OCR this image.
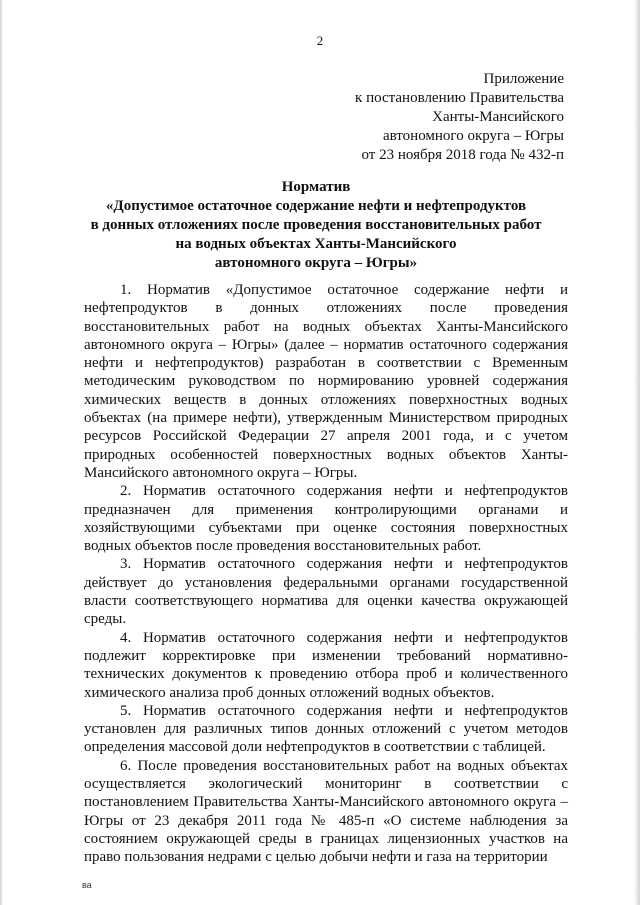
2
Приложение
к постановлению Правительства
Ханты-Мансийского
автономного округа – Югры
от 23 ноября 2018 года № 432-п
Норматив
«Допустимое остаточное содержание нефти и нефтепродуктов
в донных отложениях после проведения восстановительных работ
на водных объектах Ханты-Мансийского
автономного округа – Югры»

1. Норматив «Допустимое остаточное содержание нефти и нефтепродуктов в донных отложениях после проведения восстановительных работ на водных объектах Ханты-Мансийского автономного округа – Югры» (далее – норматив остаточного содержания нефти и нефтепродуктов) разработан в соответствии с Временным методическим руководством по нормированию уровней содержания химических веществ в донных отложениях поверхностных водных объектах (на примере нефти), утвержденным Министерством природных ресурсов Российской Федерации 27 апреля 2001 года, и с учетом природных особенностей поверхностных водных объектов Ханты-Мансийского автономного округа – Югры.

2. Норматив остаточного содержания нефти и нефтепродуктов предназначен для применения контролирующими органами и хозяйствующими субъектами при оценке состояния поверхностных водных объектов после проведения восстановительных работ.

3. Норматив остаточного содержания нефти и нефтепродуктов действует до установления федеральными органами государственной власти соответствующего норматива для оценки качества окружающей среды.

4. Норматив остаточного содержания нефти и нефтепродуктов подлежит корректировке при изменении требований нормативно-технических документов к проведению отбора проб и количественного химического анализа проб донных отложений водных объектов.

5. Норматив остаточного содержания нефти и нефтепродуктов установлен для различных типов донных отложений с учетом методов определения массовой доли нефтепродуктов в соответствии с таблицей.

6. После проведения восстановительных работ на водных объектах осуществляется экологический мониторинг в соответствии с постановлением Правительства Ханты-Мансийского автономного округа – Югры от 23 декабря 2011 года № 485-п «О системе наблюдения за состоянием окружающей среды в границах лицензионных участков на право пользования недрами с целью добычи нефти и газа на территории

ва
